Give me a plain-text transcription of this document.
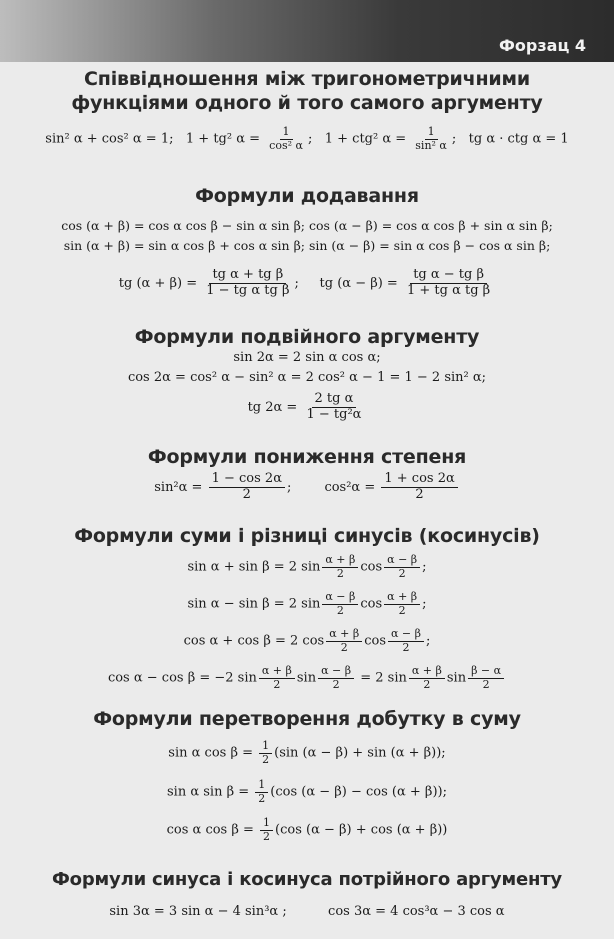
Форзац 4
Співвідношення між тригонометричними
функціями одного й того самого аргументу
sin² α + cos² α = 1; 1 + tg² $\alpha = \frac{1}{\text{cos² α}}$ ; 1 + ctg² $\alpha = \frac{1}{\text{sin² α}}$ ; tg α · ctg α = 1
Формули додавання
cos (α + β) = cos α cos β − sin α sin β; cos (α − β) = cos α cos β + sin α sin β;
sin (α + β) = sin α cos β + cos α sin β; sin (α − β) = sin α cos β − cos α sin β;
tg $(\alpha + \beta) = \frac{\text{tg α + tg β}}{\text{1 − tg α tg β}}$ ; tg $(\alpha - \beta) = \frac{\text{tg α − tg β}}{\text{1 + tg α tg β}}$
Формули подвійного аргументу
sin 2α = 2 sin α cos α;
cos 2α = cos² α − sin² α = 2 cos² α − 1 = 1 − 2 sin² α;
tg $2\alpha = \frac{\text{2 tg α}}{\text{1 − tg²α}}$
Формули пониження степеня
$\sin^2\alpha = \frac{1 - \cos 2\alpha}{2}$ ;	$\cos^2\alpha = \frac{1 + \cos 2\alpha}{2}$
Формули суми і різниці синусів (косинусів)
sin α + sin β = 2 $\sin \frac{\alpha + \beta}{2}$ $\cos \frac{\alpha - \beta}{2}$ ;
sin α − sin β = 2 $\sin \frac{\alpha - \beta}{2}$ $\cos \frac{\alpha + \beta}{2}$ ;
cos α + cos β = 2 $\cos \frac{\alpha + \beta}{2}$ $\cos \frac{\alpha - \beta}{2}$ ;
cos α − cos β = −2 $\sin \frac{\alpha + \beta}{2}$ $\sin \frac{\alpha - \beta}{2} = 2$ $\sin \frac{\alpha + \beta}{2}$ $\sin \frac{\beta - \alpha}{2}$
Формули перетворення добутку в суму
sin α $\cos \beta = \frac{1}{2} (\sin$ (α − β) + sin (α + β));
sin α $\sin \beta = \frac{1}{2} (\cos$ (α − β) − cos (α + β));
cos α $\cos \beta = \frac{1}{2} (\cos$ (α − β) + cos (α + β))
Формули синуса і косинуса потрійного аргументу
sin 3α = 3 sin α − 4 sin³α ;	cos 3α = 4 cos³α − 3 cos α
